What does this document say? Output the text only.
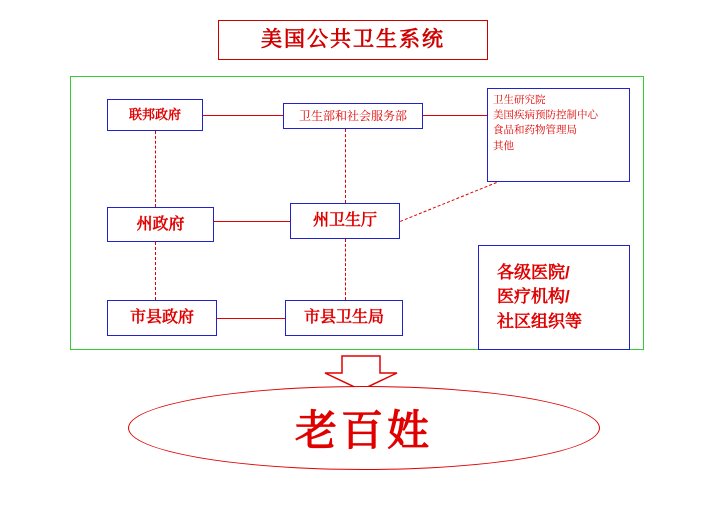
美国公共卫生系统
联邦政府	卫生部和社会服务部
卫生研究院
美国疾病预防控制中心
食品和药物管理局
其他
州政府	州卫生厅
市县政府	市县卫生局
各级医院/
医疗机构/
社区组织等
老百姓
